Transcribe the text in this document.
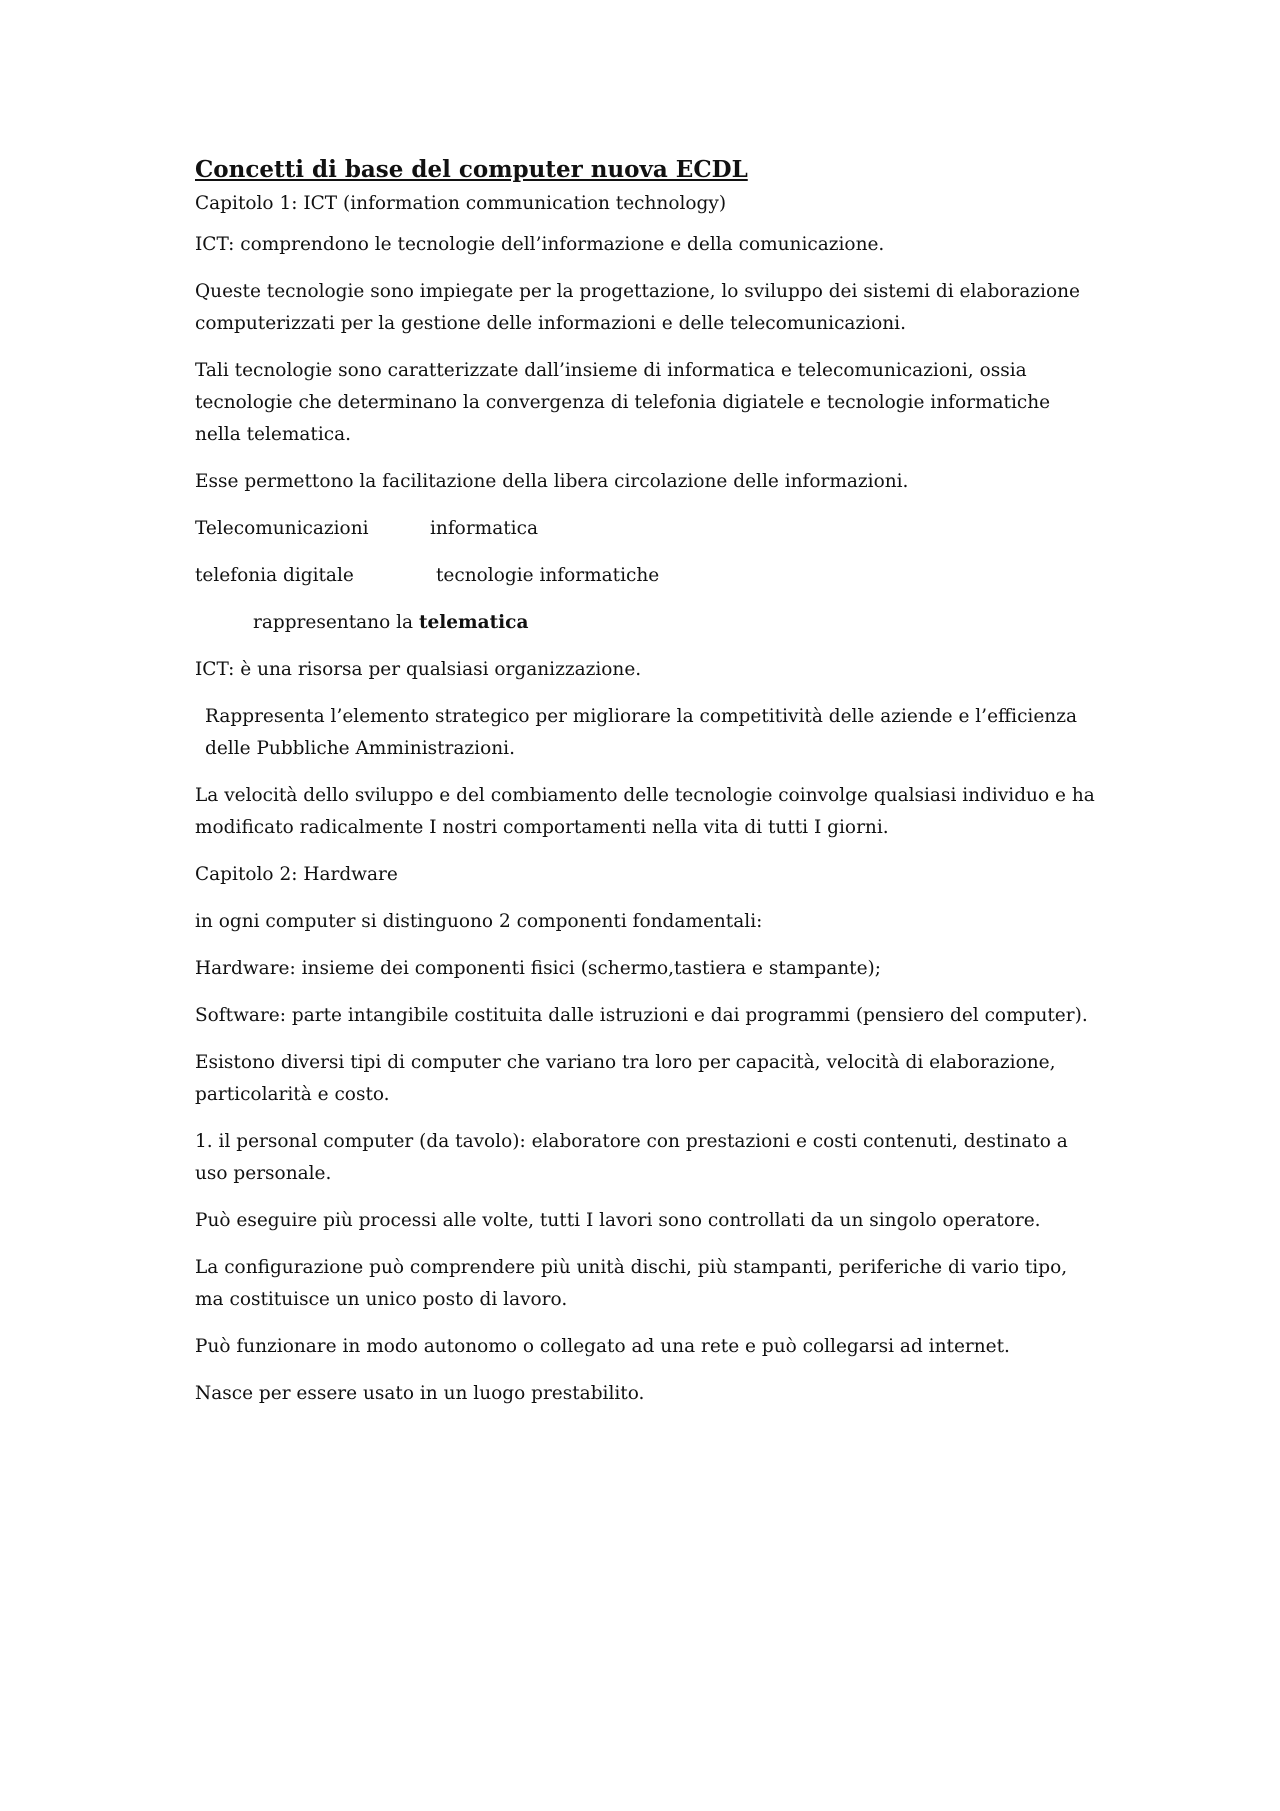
Concetti di base del computer nuova ECDL

Capitolo 1: ICT (information communication technology)

ICT: comprendono le tecnologie dell’informazione e della comunicazione.

Queste tecnologie sono impiegate per la progettazione, lo sviluppo dei sistemi di elaborazione computerizzati per la gestione delle informazioni e delle telecomunicazioni.

Tali tecnologie sono caratterizzate dall’insieme di informatica e telecomunicazioni, ossia tecnologie che determinano la convergenza di telefonia digiatele e tecnologie informatiche nella telematica.

Esse permettono la facilitazione della libera circolazione delle informazioni.

Telecomunicazioni	informatica
telefonia digitale	tecnologie informatiche
rappresentano la telematica

ICT: è una risorsa per qualsiasi organizzazione.

Rappresenta l’elemento strategico per migliorare la competitività delle aziende e l’efficienza delle Pubbliche Amministrazioni.

La velocità dello sviluppo e del combiamento delle tecnologie coinvolge qualsiasi individuo e ha modificato radicalmente I nostri comportamenti nella vita di tutti I giorni.

Capitolo 2: Hardware

in ogni computer si distinguono 2 componenti fondamentali:

Hardware: insieme dei componenti fisici (schermo,tastiera e stampante);

Software: parte intangibile costituita dalle istruzioni e dai programmi (pensiero del computer).

Esistono diversi tipi di computer che variano tra loro per capacità, velocità di elaborazione, particolarità e costo.

1. il personal computer (da tavolo): elaboratore con prestazioni e costi contenuti, destinato a uso personale.

Può eseguire più processi alle volte, tutti I lavori sono controllati da un singolo operatore.

La configurazione può comprendere più unità dischi, più stampanti, periferiche di vario tipo, ma costituisce un unico posto di lavoro.

Può funzionare in modo autonomo o collegato ad una rete e può collegarsi ad internet.

Nasce per essere usato in un luogo prestabilito.
